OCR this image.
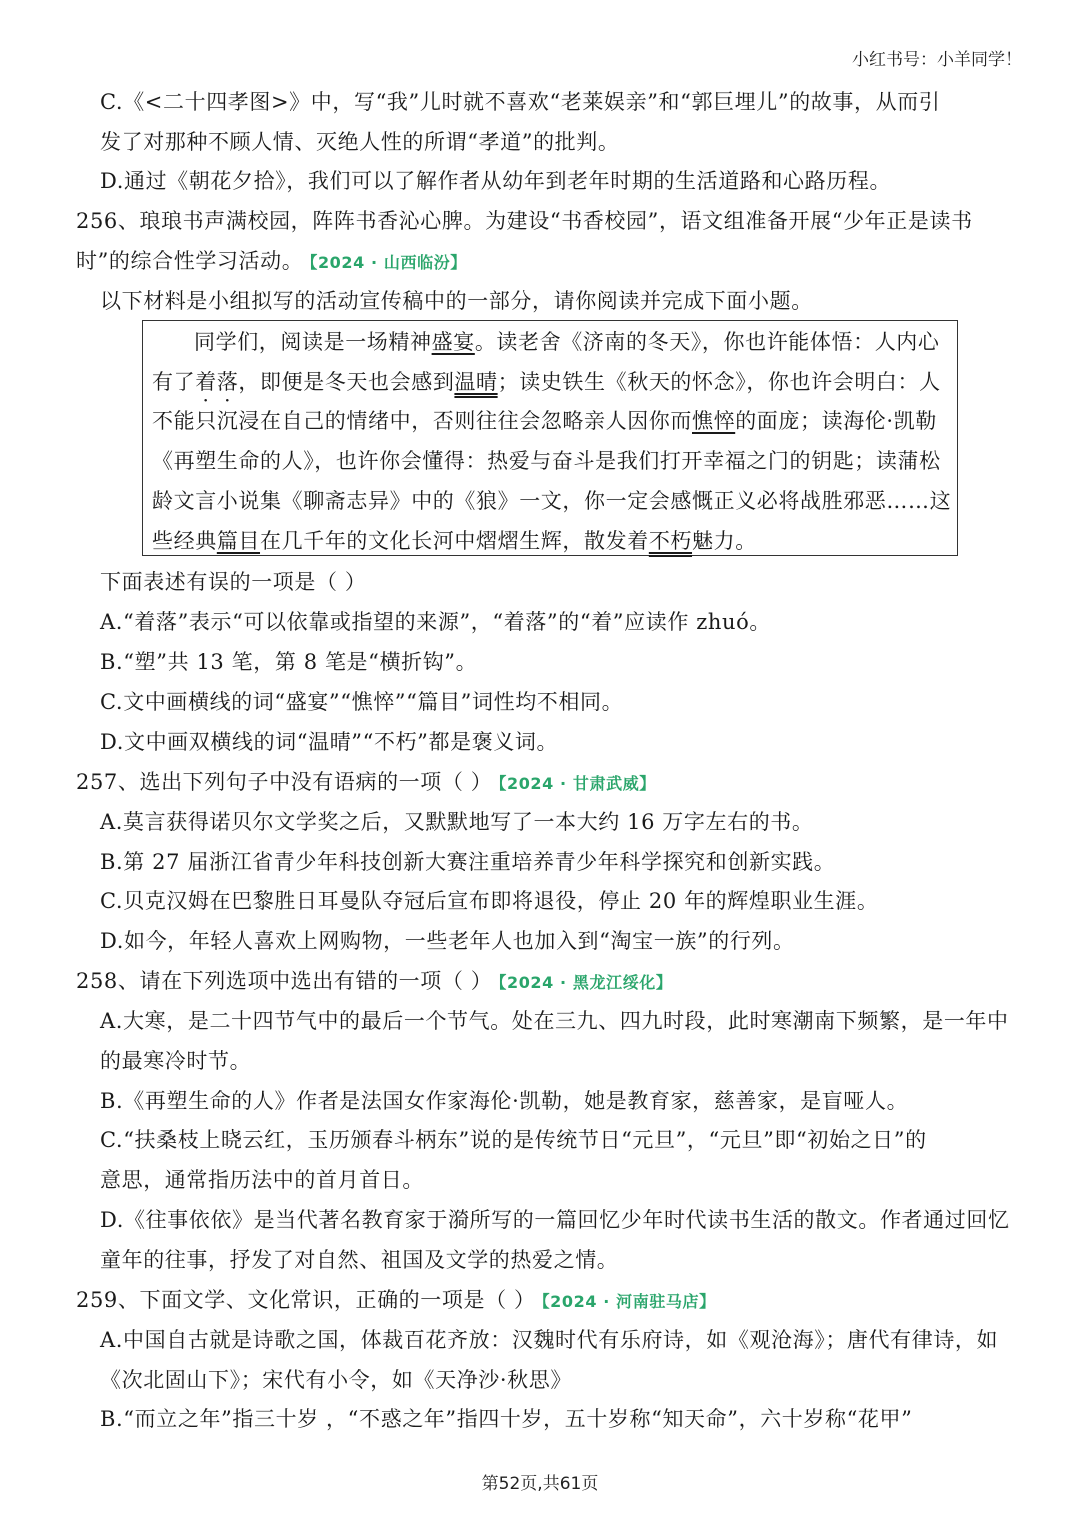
小红书号：小羊同学！
C.《<二十四孝图>》中，写“我”儿时就不喜欢“老莱娱亲”和“郭巨埋儿”的故事，从而引
发了对那种不顾人情、灭绝人性的所谓“孝道”的批判。
D.通过《朝花夕拾》，我们可以了解作者从幼年到老年时期的生活道路和心路历程。
256、琅琅书声满校园，阵阵书香沁心脾。为建设“书香校园”，语文组准备开展“少年正是读书
时”的综合性学习活动。 【2024 · 山西临汾】
以下材料是小组拟写的活动宣传稿中的一部分，请你阅读并完成下面小题。
同学们，阅读是一场精神盛宴。读老舍《济南的冬天》，你也许能体悟：人内心
有了着落，即便是冬天也会感到温晴；读史铁生《秋天的怀念》，你也许会明白：人
不能只沉浸在自己的情绪中，否则往往会忽略亲人因你而憔悴的面庞；读海伦·凯勒
《再塑生命的人》，也许你会懂得：热爱与奋斗是我们打开幸福之门的钥匙；读蒲松
龄文言小说集《聊斋志异》中的《狼》一文，你一定会感慨正义必将战胜邪恶……这
些经典篇目在几千年的文化长河中熠熠生辉，散发着不朽魅力。
下面表述有误的一项是（ ）
A.“着落”表示“可以依靠或指望的来源”，“着落”的“着”应读作 zhuó。
B.“塑”共 13 笔，第 8 笔是“横折钩”。
C.文中画横线的词“盛宴”“憔悴”“篇目”词性均不相同。
D.文中画双横线的词“温晴”“不朽”都是褒义词。
257、选出下列句子中没有语病的一项（ ） 【2024 · 甘肃武威】
A.莫言获得诺贝尔文学奖之后，又默默地写了一本大约 16 万字左右的书。
B.第 27 届浙江省青少年科技创新大赛注重培养青少年科学探究和创新实践。
C.贝克汉姆在巴黎胜日耳曼队夺冠后宣布即将退役，停止 20 年的辉煌职业生涯。
D.如今，年轻人喜欢上网购物，一些老年人也加入到“淘宝一族”的行列。
258、请在下列选项中选出有错的一项（ ） 【2024 · 黑龙江绥化】
A.大寒，是二十四节气中的最后一个节气。处在三九、四九时段，此时寒潮南下频繁，是一年中
的最寒冷时节。
B.《再塑生命的人》作者是法国女作家海伦·凯勒，她是教育家，慈善家，是盲哑人。
C.“扶桑枝上晓云红，玉历颁春斗柄东”说的是传统节日“元旦”，“元旦”即“初始之日”的
意思，通常指历法中的首月首日。
D.《往事依依》是当代著名教育家于漪所写的一篇回忆少年时代读书生活的散文。作者通过回忆
童年的往事，抒发了对自然、祖国及文学的热爱之情。
259、下面文学、文化常识，正确的一项是（ ） 【2024 · 河南驻马店】
A.中国自古就是诗歌之国，体裁百花齐放：汉魏时代有乐府诗，如《观沧海》；唐代有律诗，如
《次北固山下》；宋代有小令，如《天净沙·秋思》
B.“而立之年”指三十岁 ，“不惑之年”指四十岁，五十岁称“知天命”，六十岁称“花甲”
第52页,共61页
